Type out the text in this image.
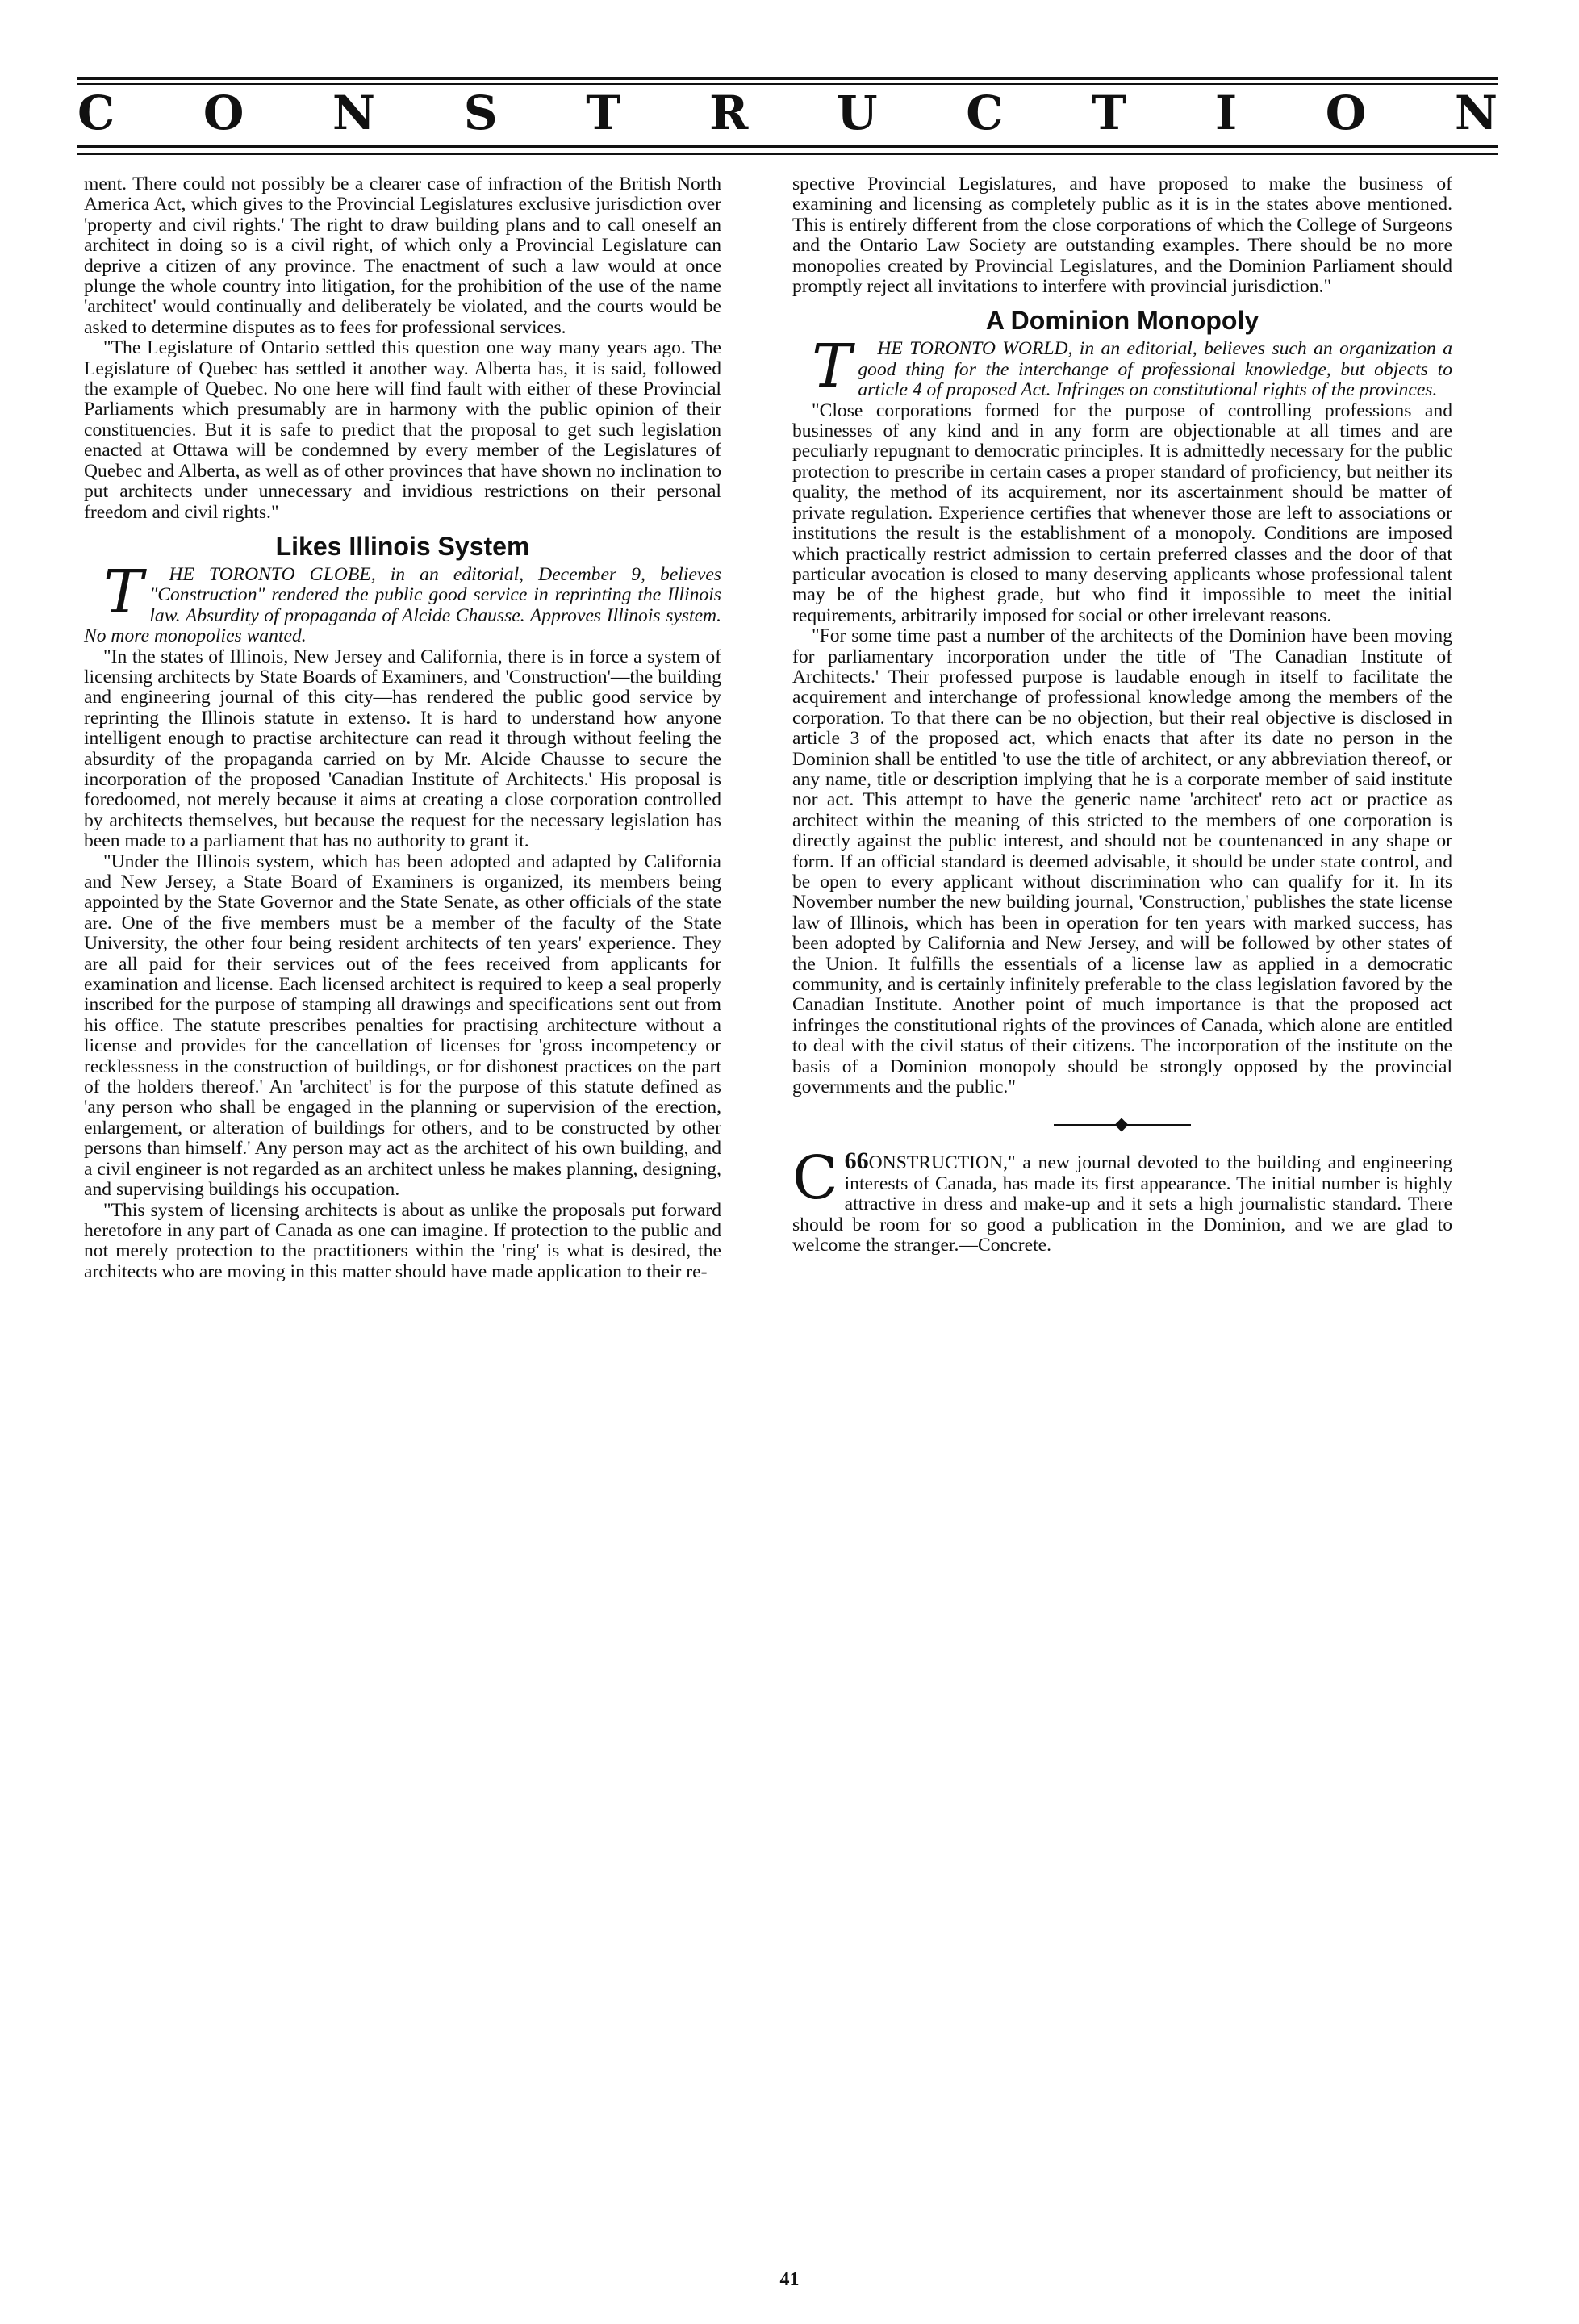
C O N S T R U C T I O N

ment. There could not possibly be a clearer case of infraction of the British North America Act, which gives to the Provincial Legislatures exclusive jurisdiction over 'property and civil rights.' The right to draw building plans and to call oneself an architect in doing so is a civil right, of which only a Provincial Legislature can deprive a citizen of any province. The enactment of such a law would at once plunge the whole country into litigation, for the prohibition of the use of the name 'architect' would continually and deliberately be violated, and the courts would be asked to determine disputes as to fees for professional services.

"The Legislature of Ontario settled this question one way many years ago. The Legislature of Quebec has settled it another way. Alberta has, it is said, followed the example of Quebec. No one here will find fault with either of these Provincial Parliaments which presumably are in harmony with the public opinion of their constituencies. But it is safe to predict that the proposal to get such legislation enacted at Ottawa will be condemned by every member of the Legislatures of Quebec and Alberta, as well as of other provinces that have shown no inclination to put architects under unnecessary and invidious restrictions on their personal freedom and civil rights."

Likes Illinois System

T HE TORONTO GLOBE, in an editorial, December 9, believes "Construction" rendered the public good service in reprinting the Illinois law. Absurdity of propaganda of Alcide Chausse. Approves Illinois system. No more monopolies wanted.

"In the states of Illinois, New Jersey and California, there is in force a system of licensing architects by State Boards of Examiners, and 'Construction'—the building and engineering journal of this city—has rendered the public good service by reprinting the Illinois statute in extenso. It is hard to understand how anyone intelligent enough to practise architecture can read it through without feeling the absurdity of the propaganda carried on by Mr. Alcide Chausse to secure the incorporation of the proposed 'Canadian Institute of Architects.' His proposal is foredoomed, not merely because it aims at creating a close corporation controlled by architects themselves, but because the request for the necessary legislation has been made to a parliament that has no authority to grant it.

"Under the Illinois system, which has been adopted and adapted by California and New Jersey, a State Board of Examiners is organized, its members being appointed by the State Governor and the State Senate, as other officials of the state are. One of the five members must be a member of the faculty of the State University, the other four being resident architects of ten years' experience. They are all paid for their services out of the fees received from applicants for examination and license. Each licensed architect is required to keep a seal properly inscribed for the purpose of stamping all drawings and specifications sent out from his office. The statute prescribes penalties for practising architecture without a license and provides for the cancellation of licenses for 'gross incompetency or recklessness in the construction of buildings, or for dishonest practices on the part of the holders thereof.' An 'architect' is for the purpose of this statute defined as 'any person who shall be engaged in the planning or supervision of the erection, enlargement, or alteration of buildings for others, and to be constructed by other persons than himself.' Any person may act as the architect of his own building, and a civil engineer is not regarded as an architect unless he makes planning, designing, and supervising buildings his occupation.

"This system of licensing architects is about as unlike the proposals put forward heretofore in any part of Canada as one can imagine. If protection to the public and not merely protection to the practitioners within the 'ring' is what is desired, the architects who are moving in this matter should have made application to their re-

spective Provincial Legislatures, and have proposed to make the business of examining and licensing as completely public as it is in the states above mentioned. This is entirely different from the close corporations of which the College of Surgeons and the Ontario Law Society are outstanding examples. There should be no more monopolies created by Provincial Legislatures, and the Dominion Parliament should promptly reject all invitations to interfere with provincial jurisdiction."

A Dominion Monopoly

T HE TORONTO WORLD, in an editorial, believes such an organization a good thing for the interchange of professional knowledge, but objects to article 4 of proposed Act. Infringes on constitutional rights of the provinces.

"Close corporations formed for the purpose of controlling professions and businesses of any kind and in any form are objectionable at all times and are peculiarly repugnant to democratic principles. It is admittedly necessary for the public protection to prescribe in certain cases a proper standard of proficiency, but neither its quality, the method of its acquirement, nor its ascertainment should be matter of private regulation. Experience certifies that whenever those are left to associations or institutions the result is the establishment of a monopoly. Conditions are imposed which practically restrict admission to certain preferred classes and the door of that particular avocation is closed to many deserving applicants whose professional talent may be of the highest grade, but who find it impossible to meet the initial requirements, arbitrarily imposed for social or other irrelevant reasons.

"For some time past a number of the architects of the Dominion have been moving for parliamentary incorporation under the title of 'The Canadian Institute of Architects.' Their professed purpose is laudable enough in itself to facilitate the acquirement and interchange of professional knowledge among the members of the corporation. To that there can be no objection, but their real objective is disclosed in article 3 of the proposed act, which enacts that after its date no person in the Dominion shall be entitled 'to use the title of architect, or any abbreviation thereof, or any name, title or description implying that he is a corporate member of said institute nor act. This attempt to have the generic name 'architect' reto act or practice as architect within the meaning of this stricted to the members of one corporation is directly against the public interest, and should not be countenanced in any shape or form. If an official standard is deemed advisable, it should be under state control, and be open to every applicant without discrimination who can qualify for it. In its November number the new building journal, 'Construction,' publishes the state license law of Illinois, which has been in operation for ten years with marked success, has been adopted by California and New Jersey, and will be followed by other states of the Union. It fulfills the essentials of a license law as applied in a democratic community, and is certainly infinitely preferable to the class legislation favored by the Canadian Institute. Another point of much importance is that the proposed act infringes the constitutional rights of the provinces of Canada, which alone are entitled to deal with the civil status of their citizens. The incorporation of the institute on the basis of a Dominion monopoly should be strongly opposed by the provincial governments and the public."

66
C ONSTRUCTION," a new journal devoted to the building and engineering interests of Canada, has made its first appearance. The initial number is highly attractive in dress and make-up and it sets a high journalistic standard. There should be room for so good a publication in the Dominion, and we are glad to welcome the stranger.—Concrete.

41
